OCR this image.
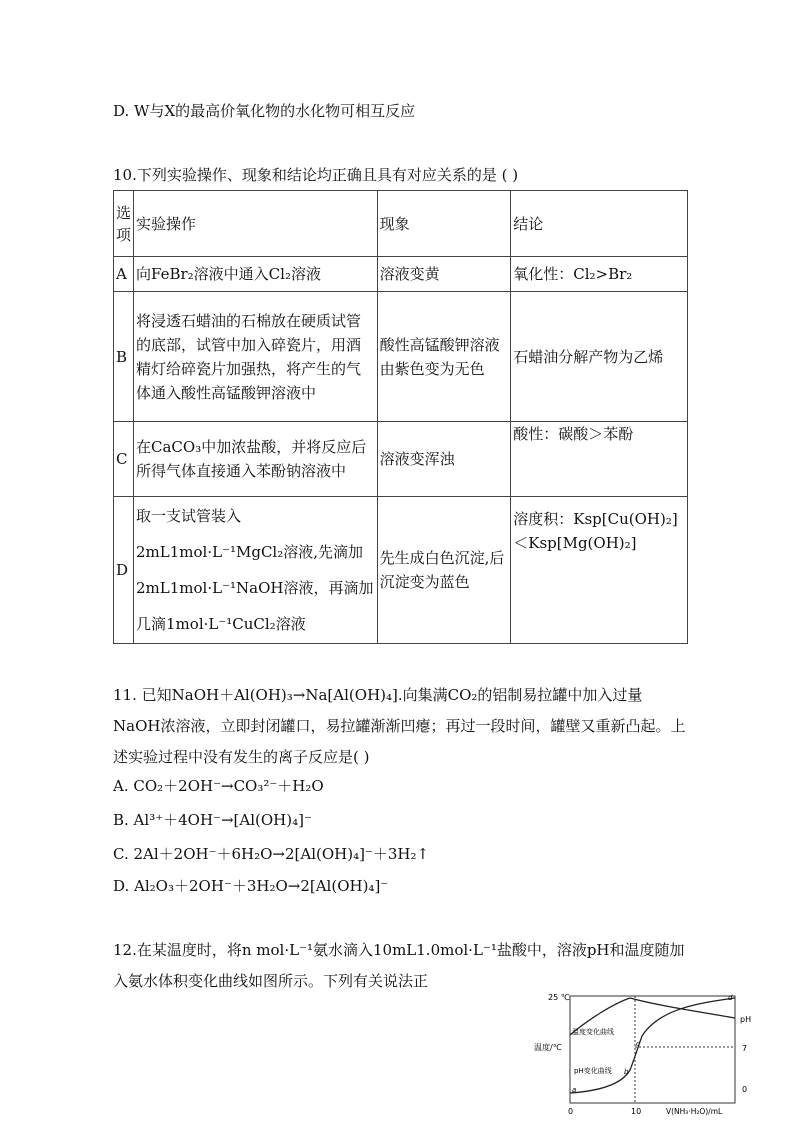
D. W与X的最高价氧化物的水化物可相互反应
10.下列实验操作、现象和结论均正确且具有对应关系的是 ( )
选
项	实验操作	现象	结论
A	向FeBr₂溶液中通入Cl₂溶液	溶液变黄	氧化性：Cl₂>Br₂
B	将浸透石蜡油的石棉放在硬质试管的底部，试管中加入碎瓷片，用酒精灯给碎瓷片加强热，将产生的气体通入酸性高锰酸钾溶液中	酸性高锰酸钾溶液由紫色变为无色	石蜡油分解产物为乙烯
C	在CaCO₃中加浓盐酸，并将反应后所得气体直接通入苯酚钠溶液中	溶液变浑浊	酸性：碳酸＞苯酚
D	取一支试管装入2mL1mol·L⁻¹MgCl₂溶液,先滴加2mL1mol·L⁻¹NaOH溶液，再滴加几滴1mol·L⁻¹CuCl₂溶液	先生成白色沉淀,后沉淀变为蓝色	溶度积：Ksp[Cu(OH)₂]＜Ksp[Mg(OH)₂]
11. 已知NaOH＋Al(OH)₃→Na[Al(OH)₄].向集满CO₂的铝制易拉罐中加入过量NaOH浓溶液，立即封闭罐口，易拉罐渐渐凹瘪；再过一段时间，罐壁又重新凸起。上述实验过程中没有发生的离子反应是( )
A. CO₂＋2OH⁻→CO₃²⁻＋H₂O
B. Al³⁺＋4OH⁻→[Al(OH)₄]⁻
C. 2Al＋2OH⁻＋6H₂O→2[Al(OH)₄]⁻＋3H₂↑
D. Al₂O₃＋2OH⁻＋3H₂O→2[Al(OH)₄]⁻
12.在某温度时，将n mol·L⁻¹氨水滴入10mL1.0mol·L⁻¹盐酸中，溶液pH和温度随加入氨水体积变化曲线如图所示。下列有关说法正
25 ℃
温度/℃
温度变化曲线
pH变化曲线
pH
7
0
0	10	V(NH₃·H₂O)/mL
a
b
c
d
